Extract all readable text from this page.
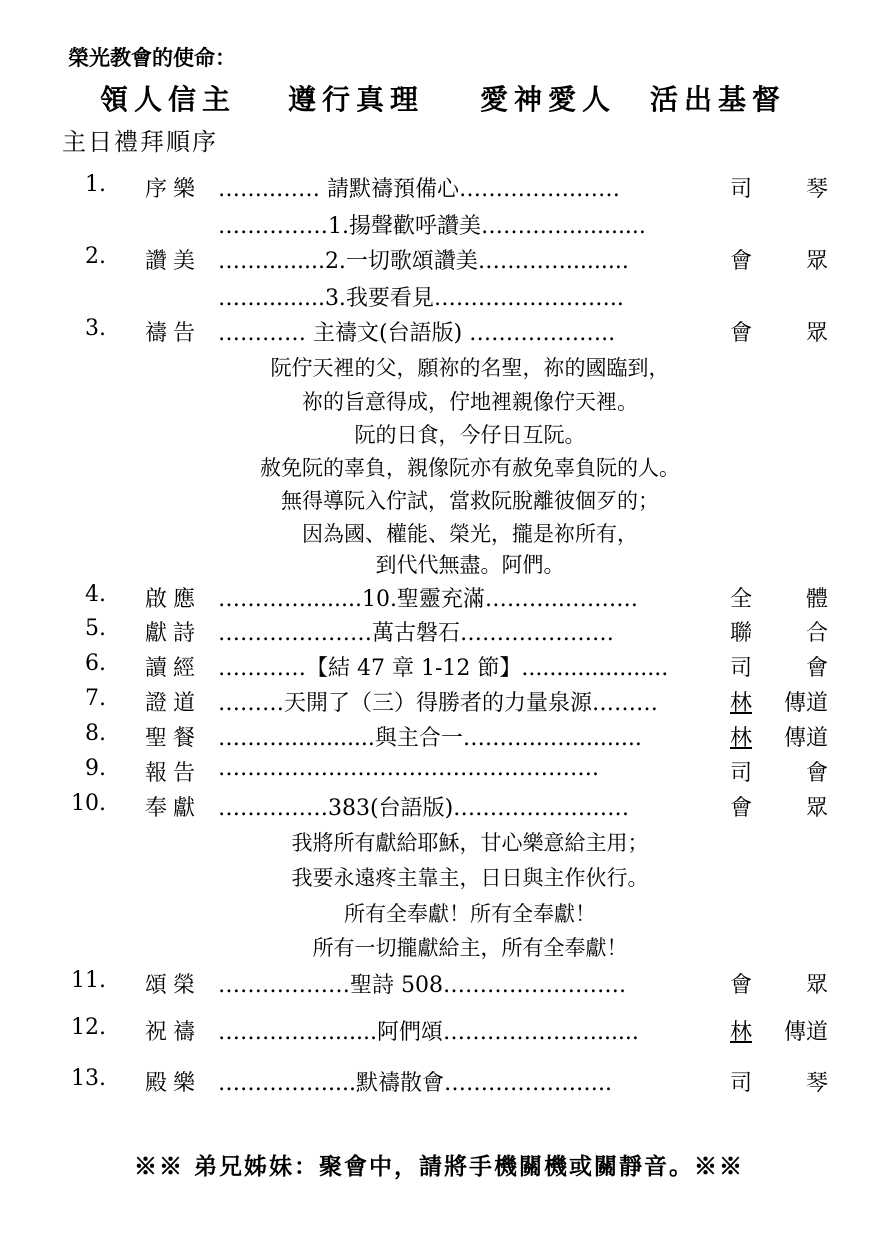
榮光教會的使命：
領人信主 遵行真理 愛神愛人 活出基督
主日禮拜順序
1. 序樂 ……..…… 請默禱預備心…………….……	司 琴
……………1.揚聲歡呼讚美…………...........
2. 讚美 …….........2.一切歌頌讚美………….........	會 眾
…….........3.我要看見……………………..
3. 禱告 ………… 主禱文(台語版) ………………..	會 眾
阮佇天裡的父，願祢的名聖，祢的國臨到，
祢的旨意得成，佇地裡親像佇天裡。
阮的日食，今仔日互阮。
赦免阮的辜負，親像阮亦有赦免辜負阮的人。
無得導阮入佇試，當救阮脫離彼個歹的；
因為國、權能、榮光，攏是祢所有，
到代代無盡。阿們。
4. 啟應 …………........10.聖靈充滿………..……….	全 體
5. 獻詩 …………………萬古磐石…………………	聯 合
6. 讀經 …………【結 47 章 1-12 節】.....................	司 會
7. 證道 ………天開了（三）得勝者的力量泉源………	林 傳道
8. 聖餐 ……….............與主合一………...…..........	林 傳道
9. 報告 …………………………………………….	司 會
10. 奉獻 ……………383(台語版)……………………	會 眾
我將所有獻給耶穌，甘心樂意給主用；
我要永遠疼主靠主，日日與主作伙行。
所有全奉獻！所有全奉獻！
所有一切攏獻給主，所有全奉獻！
11. 頌榮 ………………聖詩 508…………………….	會 眾
12. 祝禱 …………….......阿們頌…………………......	林 傳道
13. 殿樂 ……………....默禱散會…………………..	司 琴
※※ 弟兄姊妹：聚會中，請將手機關機或關靜音。※※
